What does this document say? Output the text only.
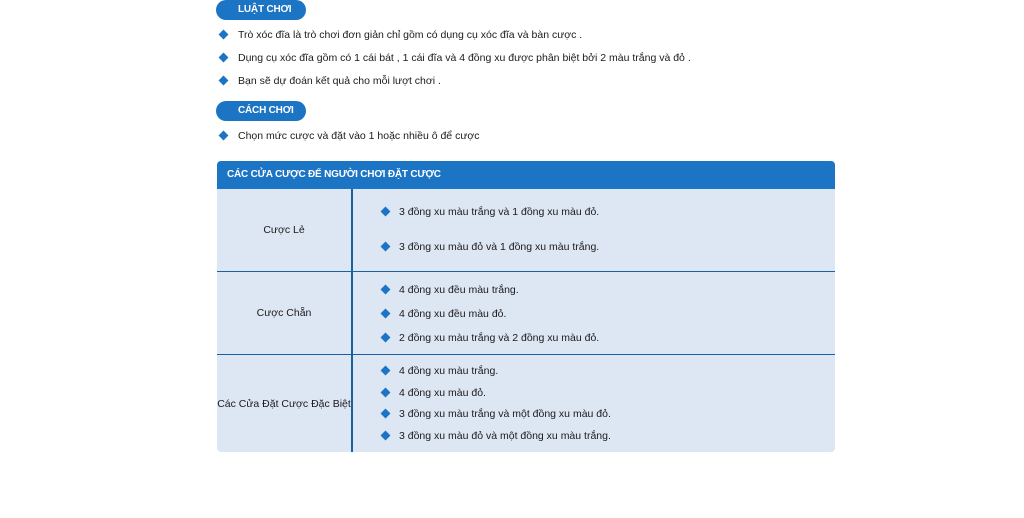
LUẬT CHƠI
Trò xóc đĩa là trò chơi đơn giản chỉ gồm có dụng cụ xóc đĩa và bàn cược .
Dụng cụ xóc đĩa gồm có 1 cái bát , 1 cái đĩa và 4 đồng xu được phân biệt bởi 2 màu trắng và đỏ .
Bạn sẽ dự đoán kết quả cho mỗi lượt chơi .
CÁCH CHƠI
Chọn mức cược và đặt vào 1 hoặc nhiều ô để cược
CÁC CỬA CƯỢC ĐỂ NGƯỜI CHƠI ĐẶT CƯỢC
Cược Lẻ
3 đồng xu màu trắng và 1 đồng xu màu đỏ.
3 đồng xu màu đỏ và 1 đồng xu màu trắng.
Cược Chẵn
4 đồng xu đều màu trắng.
4 đồng xu đều màu đỏ.
2 đồng xu màu trắng và 2 đồng xu màu đỏ.
Các Cửa Đặt Cược Đặc Biệt
4 đồng xu màu trắng.
4 đồng xu màu đỏ.
3 đồng xu màu trắng và một đồng xu màu đỏ.
3 đồng xu màu đỏ và một đồng xu màu trắng.
